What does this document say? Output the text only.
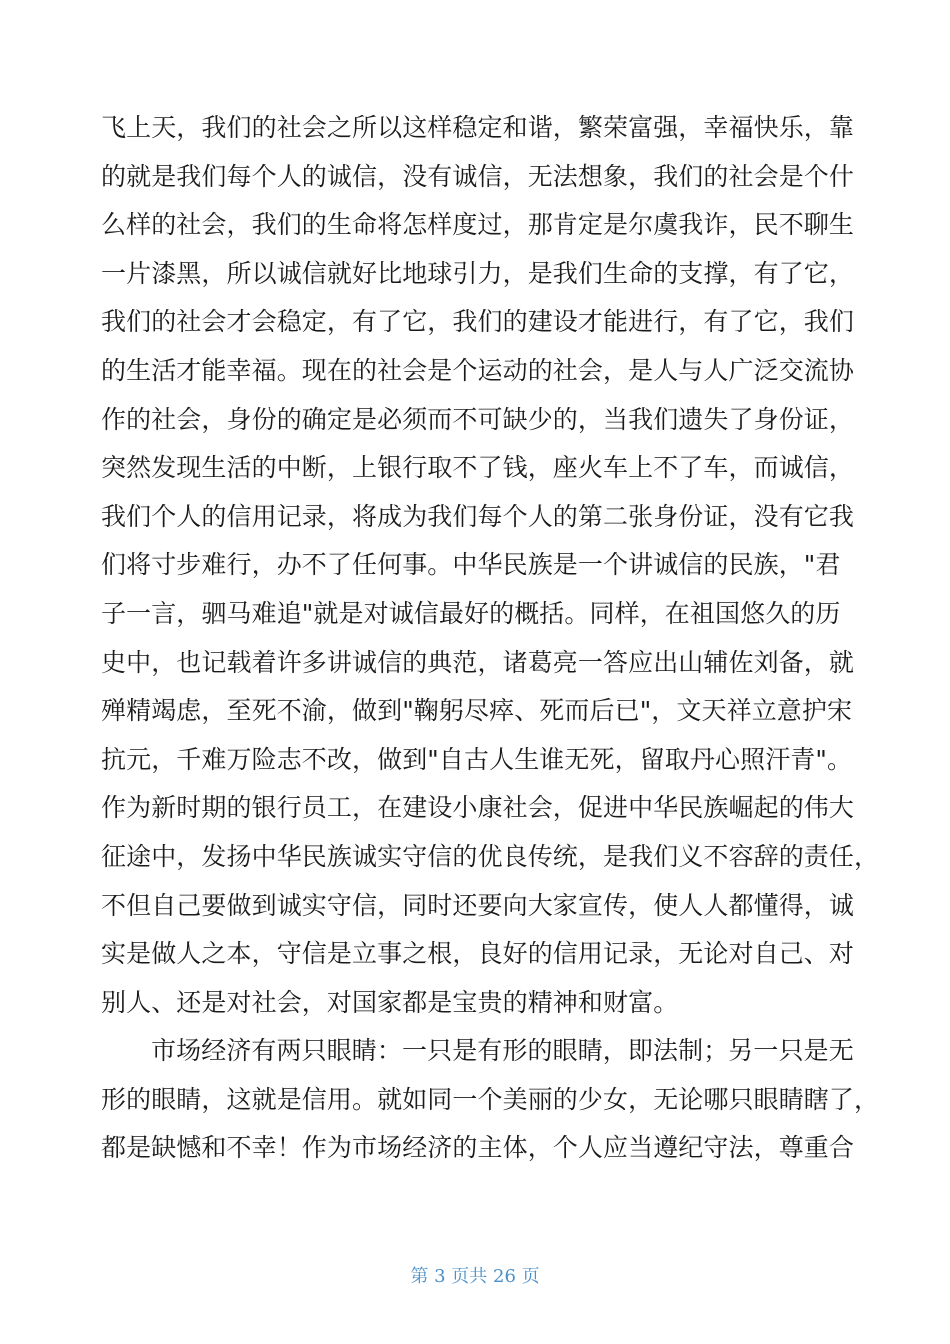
飞上天，我们的社会之所以这样稳定和谐，繁荣富强，幸福快乐，靠
的就是我们每个人的诚信，没有诚信，无法想象，我们的社会是个什
么样的社会，我们的生命将怎样度过，那肯定是尔虞我诈，民不聊生
一片漆黑，所以诚信就好比地球引力，是我们生命的支撑，有了它，
我们的社会才会稳定，有了它，我们的建设才能进行，有了它，我们
的生活才能幸福。现在的社会是个运动的社会，是人与人广泛交流协
作的社会，身份的确定是必须而不可缺少的，当我们遗失了身份证，
突然发现生活的中断，上银行取不了钱，座火车上不了车，而诚信，
我们个人的信用记录，将成为我们每个人的第二张身份证，没有它我
们将寸步难行，办不了任何事。中华民族是一个讲诚信的民族，"君
子一言，驷马难追"就是对诚信最好的概括。同样，在祖国悠久的历
史中，也记载着许多讲诚信的典范，诸葛亮一答应出山辅佐刘备，就
殚精竭虑，至死不渝，做到"鞠躬尽瘁、死而后已"，文天祥立意护宋
抗元，千难万险志不改，做到"自古人生谁无死，留取丹心照汗青"。
作为新时期的银行员工，在建设小康社会，促进中华民族崛起的伟大
征途中，发扬中华民族诚实守信的优良传统，是我们义不容辞的责任，
不但自己要做到诚实守信，同时还要向大家宣传，使人人都懂得，诚
实是做人之本，守信是立事之根，良好的信用记录，无论对自己、对
别人、还是对社会，对国家都是宝贵的精神和财富。
市场经济有两只眼睛：一只是有形的眼睛，即法制；另一只是无
形的眼睛，这就是信用。就如同一个美丽的少女，无论哪只眼睛瞎了，
都是缺憾和不幸！作为市场经济的主体，个人应当遵纪守法，尊重合
第 3 页共 26 页
